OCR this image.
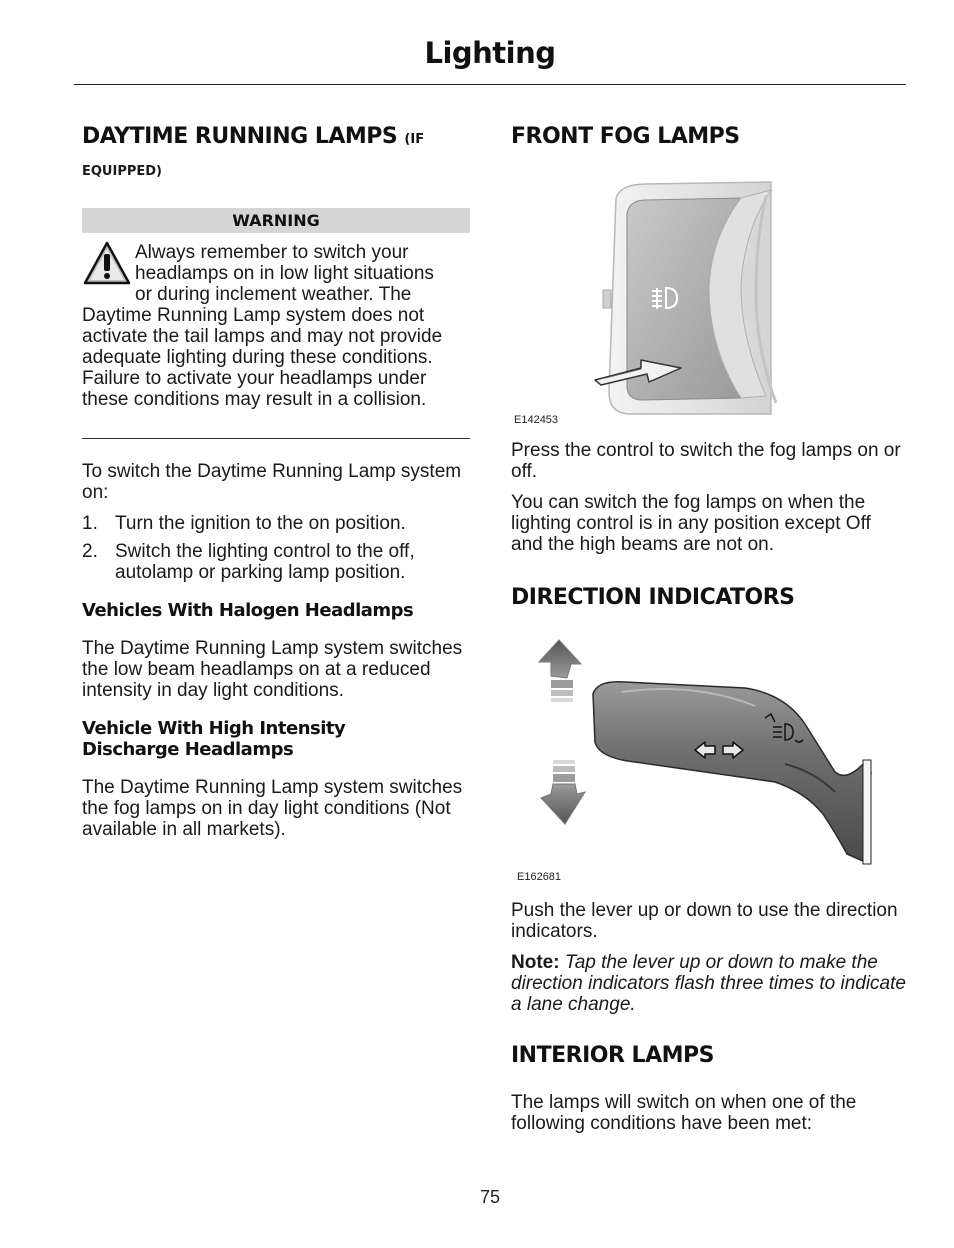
Lighting
DAYTIME RUNNING LAMPS (IF
EQUIPPED)
WARNING
Always remember to switch your
headlamps on in low light situations
or during inclement weather. The
Daytime Running Lamp system does not activate the tail lamps and may not provide adequate lighting during these conditions. Failure to activate your headlamps under these conditions may result in a collision.
To switch the Daytime Running Lamp system on:
1. Turn the ignition to the on position.
2. Switch the lighting control to the off, autolamp or parking lamp position.
Vehicles With Halogen Headlamps
The Daytime Running Lamp system switches the low beam headlamps on at a reduced intensity in day light conditions.
Vehicle With High Intensity Discharge Headlamps
The Daytime Running Lamp system switches the fog lamps on in day light conditions (Not available in all markets).
FRONT FOG LAMPS
E142453
Press the control to switch the fog lamps on or off.
You can switch the fog lamps on when the lighting control is in any position except Off and the high beams are not on.
DIRECTION INDICATORS
E162681
Push the lever up or down to use the direction indicators.
Note: Tap the lever up or down to make the direction indicators flash three times to indicate a lane change.
INTERIOR LAMPS
The lamps will switch on when one of the following conditions have been met:
75
